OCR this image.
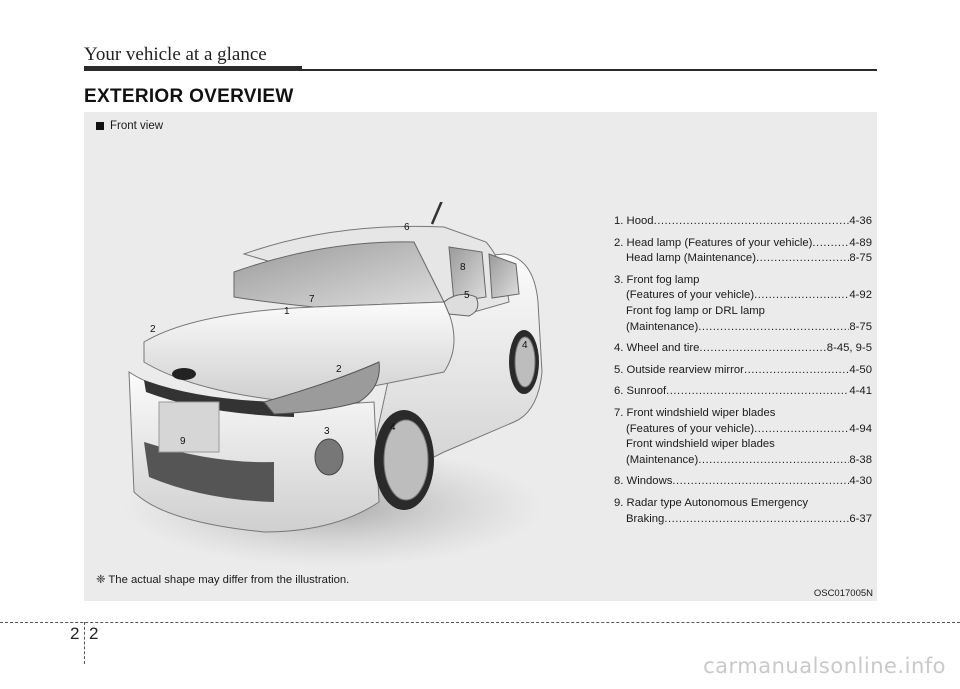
Your vehicle at a glance
EXTERIOR OVERVIEW
Front view
6
8
5
7
1
2
4
2
3	4
9
1. Hood .....	4-36
2. Head lamp (Features of your vehicle) .....	4-89
Head lamp (Maintenance) .....	8-75
3. Front fog lamp
(Features of your vehicle) .....	4-92
Front fog lamp or DRL lamp
(Maintenance) .....	8-75
4. Wheel and tire .....	8-45, 9-5
5. Outside rearview mirror .....	4-50
6. Sunroof .....	4-41
7. Front windshield wiper blades
(Features of your vehicle) .....	4-94
Front windshield wiper blades
(Maintenance) .....	8-38
8. Windows .....	4-30
9. Radar type Autonomous Emergency
Braking .....	6-37
❈ The actual shape may differ from the illustration.
OSC017005N
2 2
carmanualsonline.info
